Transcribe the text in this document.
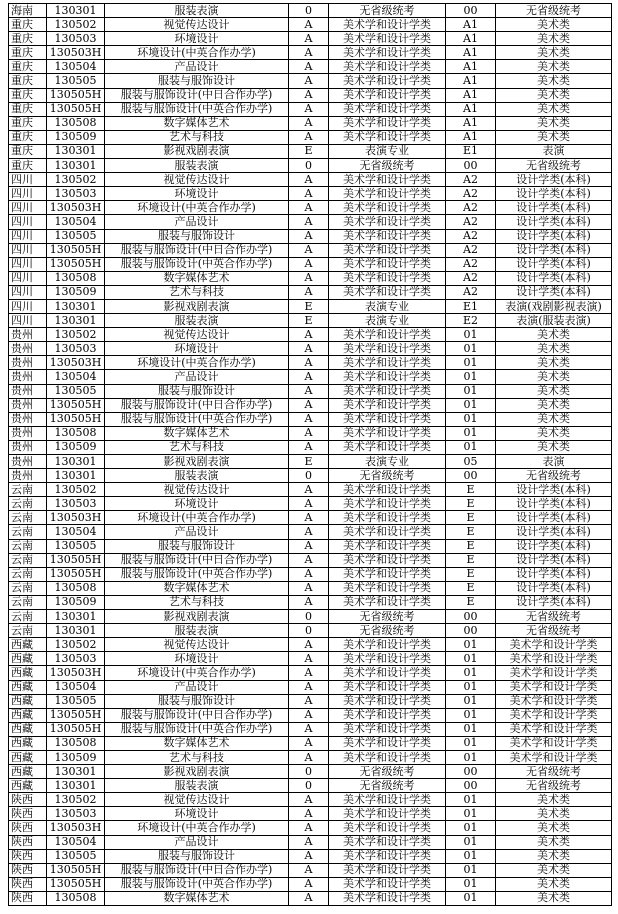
海南	130301	服装表演	0	无省级统考	00	无省级统考
重庆	130502	视觉传达设计	A	美术学和设计学类	A1	美术类
重庆	130503	环境设计	A	美术学和设计学类	A1	美术类
重庆	130503H	环境设计(中英合作办学)	A	美术学和设计学类	A1	美术类
重庆	130504	产品设计	A	美术学和设计学类	A1	美术类
重庆	130505	服装与服饰设计	A	美术学和设计学类	A1	美术类
重庆	130505H	服装与服饰设计(中日合作办学)	A	美术学和设计学类	A1	美术类
重庆	130505H	服装与服饰设计(中英合作办学)	A	美术学和设计学类	A1	美术类
重庆	130508	数字媒体艺术	A	美术学和设计学类	A1	美术类
重庆	130509	艺术与科技	A	美术学和设计学类	A1	美术类
重庆	130301	影视戏剧表演	E	表演专业	E1	表演
重庆	130301	服装表演	0	无省级统考	00	无省级统考
四川	130502	视觉传达设计	A	美术学和设计学类	A2	设计学类(本科)
四川	130503	环境设计	A	美术学和设计学类	A2	设计学类(本科)
四川	130503H	环境设计(中英合作办学)	A	美术学和设计学类	A2	设计学类(本科)
四川	130504	产品设计	A	美术学和设计学类	A2	设计学类(本科)
四川	130505	服装与服饰设计	A	美术学和设计学类	A2	设计学类(本科)
四川	130505H	服装与服饰设计(中日合作办学)	A	美术学和设计学类	A2	设计学类(本科)
四川	130505H	服装与服饰设计(中英合作办学)	A	美术学和设计学类	A2	设计学类(本科)
四川	130508	数字媒体艺术	A	美术学和设计学类	A2	设计学类(本科)
四川	130509	艺术与科技	A	美术学和设计学类	A2	设计学类(本科)
四川	130301	影视戏剧表演	E	表演专业	E1	表演(戏剧影视表演)
四川	130301	服装表演	E	表演专业	E2	表演(服装表演)
贵州	130502	视觉传达设计	A	美术学和设计学类	01	美术类
贵州	130503	环境设计	A	美术学和设计学类	01	美术类
贵州	130503H	环境设计(中英合作办学)	A	美术学和设计学类	01	美术类
贵州	130504	产品设计	A	美术学和设计学类	01	美术类
贵州	130505	服装与服饰设计	A	美术学和设计学类	01	美术类
贵州	130505H	服装与服饰设计(中日合作办学)	A	美术学和设计学类	01	美术类
贵州	130505H	服装与服饰设计(中英合作办学)	A	美术学和设计学类	01	美术类
贵州	130508	数字媒体艺术	A	美术学和设计学类	01	美术类
贵州	130509	艺术与科技	A	美术学和设计学类	01	美术类
贵州	130301	影视戏剧表演	E	表演专业	05	表演
贵州	130301	服装表演	0	无省级统考	00	无省级统考
云南	130502	视觉传达设计	A	美术学和设计学类	E	设计学类(本科)
云南	130503	环境设计	A	美术学和设计学类	E	设计学类(本科)
云南	130503H	环境设计(中英合作办学)	A	美术学和设计学类	E	设计学类(本科)
云南	130504	产品设计	A	美术学和设计学类	E	设计学类(本科)
云南	130505	服装与服饰设计	A	美术学和设计学类	E	设计学类(本科)
云南	130505H	服装与服饰设计(中日合作办学)	A	美术学和设计学类	E	设计学类(本科)
云南	130505H	服装与服饰设计(中英合作办学)	A	美术学和设计学类	E	设计学类(本科)
云南	130508	数字媒体艺术	A	美术学和设计学类	E	设计学类(本科)
云南	130509	艺术与科技	A	美术学和设计学类	E	设计学类(本科)
云南	130301	影视戏剧表演	0	无省级统考	00	无省级统考
云南	130301	服装表演	0	无省级统考	00	无省级统考
西藏	130502	视觉传达设计	A	美术学和设计学类	01	美术学和设计学类
西藏	130503	环境设计	A	美术学和设计学类	01	美术学和设计学类
西藏	130503H	环境设计(中英合作办学)	A	美术学和设计学类	01	美术学和设计学类
西藏	130504	产品设计	A	美术学和设计学类	01	美术学和设计学类
西藏	130505	服装与服饰设计	A	美术学和设计学类	01	美术学和设计学类
西藏	130505H	服装与服饰设计(中日合作办学)	A	美术学和设计学类	01	美术学和设计学类
西藏	130505H	服装与服饰设计(中英合作办学)	A	美术学和设计学类	01	美术学和设计学类
西藏	130508	数字媒体艺术	A	美术学和设计学类	01	美术学和设计学类
西藏	130509	艺术与科技	A	美术学和设计学类	01	美术学和设计学类
西藏	130301	影视戏剧表演	0	无省级统考	00	无省级统考
西藏	130301	服装表演	0	无省级统考	00	无省级统考
陕西	130502	视觉传达设计	A	美术学和设计学类	01	美术类
陕西	130503	环境设计	A	美术学和设计学类	01	美术类
陕西	130503H	环境设计(中英合作办学)	A	美术学和设计学类	01	美术类
陕西	130504	产品设计	A	美术学和设计学类	01	美术类
陕西	130505	服装与服饰设计	A	美术学和设计学类	01	美术类
陕西	130505H	服装与服饰设计(中日合作办学)	A	美术学和设计学类	01	美术类
陕西	130505H	服装与服饰设计(中英合作办学)	A	美术学和设计学类	01	美术类
陕西	130508	数字媒体艺术	A	美术学和设计学类	01	美术类
